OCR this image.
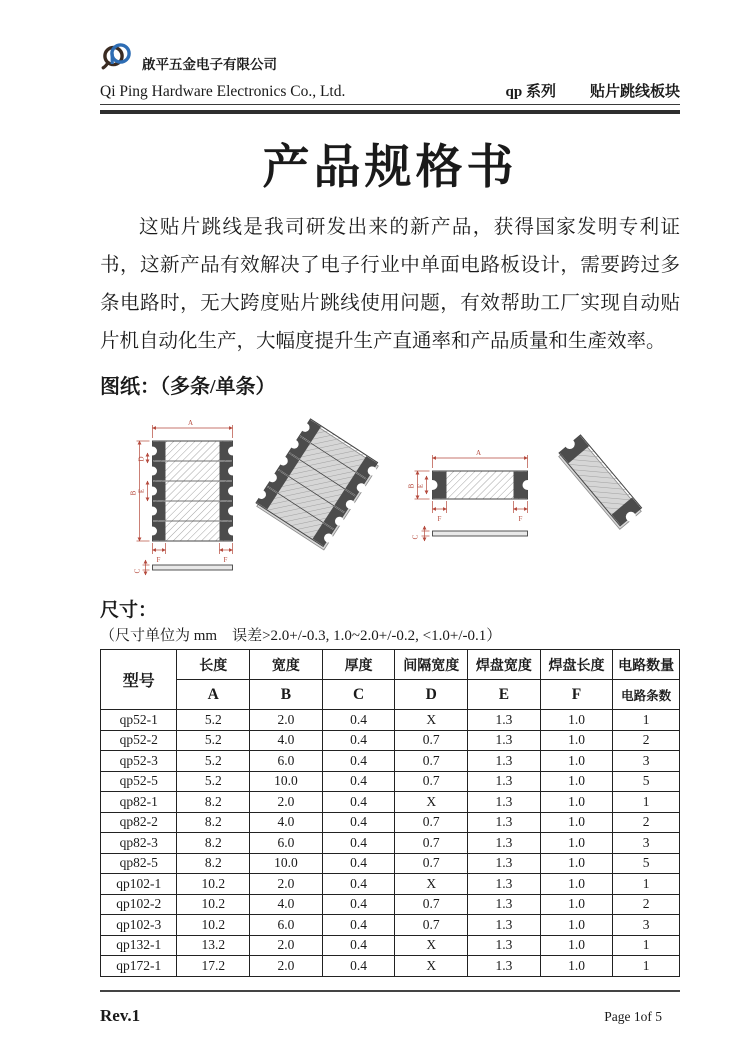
啟平五金电子有限公司
Qi Ping Hardware Electronics Co., Ltd.	qp 系列 贴片跳线板块
产品规格书

这贴片跳线是我司研发出来的新产品，获得国家发明专利证书，这新产品有效解决了电子行业中单面电路板设计，需要跨过多条电路时，无大跨度贴片跳线使用问题，有效帮助工厂实现自动贴片机自动化生产，大幅度提升生产直通率和产品质量和生產效率。

图纸：（多条/单条）
A
B
D
E
F	F
C
A
B E
F	F
C
尺寸：
（尺寸单位为 mm　误差>2.0+/-0.3, 1.0~2.0+/-0.2, <1.0+/-0.1）
型号	长度	宽度	厚度	间隔宽度	焊盘宽度	焊盘长度	电路数量
	A	B	C	D	E	F	电路条数
qp52-1	5.2	2.0	0.4	X	1.3	1.0	1
qp52-2	5.2	4.0	0.4	0.7	1.3	1.0	2
qp52-3	5.2	6.0	0.4	0.7	1.3	1.0	3
qp52-5	5.2	10.0	0.4	0.7	1.3	1.0	5
qp82-1	8.2	2.0	0.4	X	1.3	1.0	1
qp82-2	8.2	4.0	0.4	0.7	1.3	1.0	2
qp82-3	8.2	6.0	0.4	0.7	1.3	1.0	3
qp82-5	8.2	10.0	0.4	0.7	1.3	1.0	5
qp102-1	10.2	2.0	0.4	X	1.3	1.0	1
qp102-2	10.2	4.0	0.4	0.7	1.3	1.0	2
qp102-3	10.2	6.0	0.4	0.7	1.3	1.0	3
qp132-1	13.2	2.0	0.4	X	1.3	1.0	1
qp172-1	17.2	2.0	0.4	X	1.3	1.0	1
Rev.1	Page 1of 5
